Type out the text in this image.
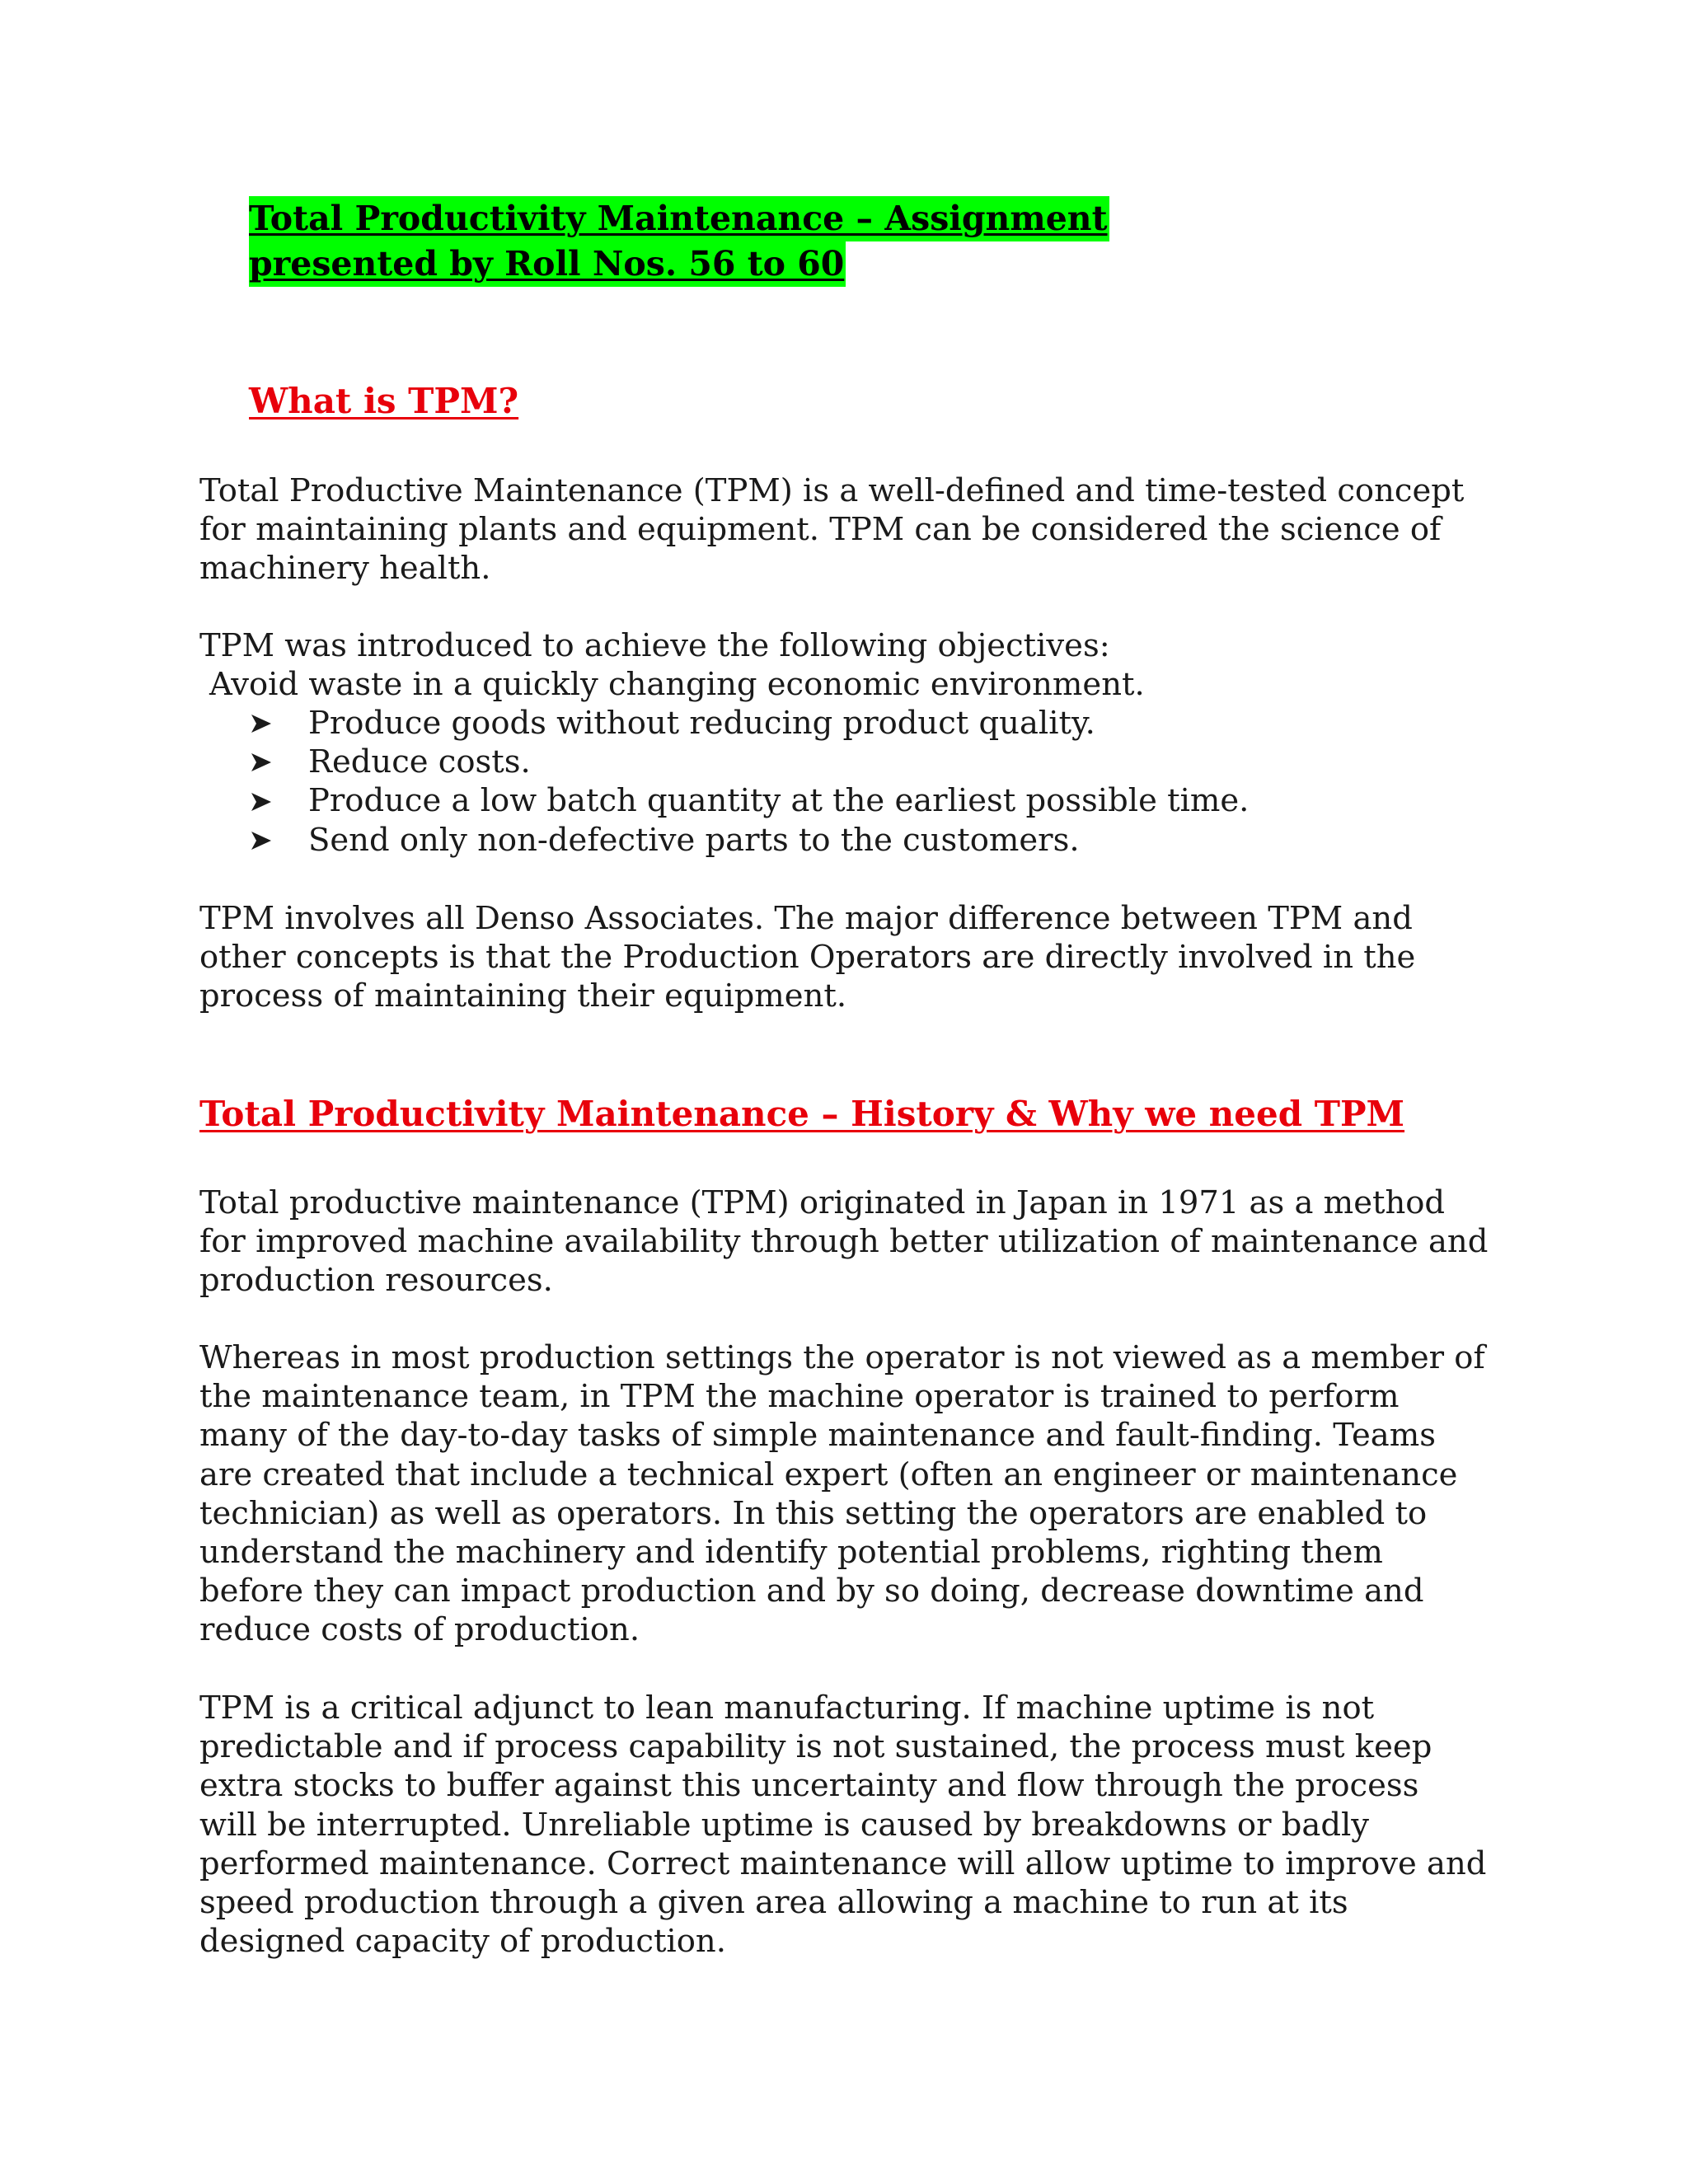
Total Productivity Maintenance – Assignment
presented by Roll Nos. 56 to 60
What is TPM?
Total Productive Maintenance (TPM) is a well-defined and time-tested concept
for maintaining plants and equipment. TPM can be considered the science of
machinery health.
TPM was introduced to achieve the following objectives:
Avoid waste in a quickly changing economic environment.
Produce goods without reducing product quality.
Reduce costs.
Produce a low batch quantity at the earliest possible time.
Send only non-defective parts to the customers.
TPM involves all Denso Associates. The major difference between TPM and
other concepts is that the Production Operators are directly involved in the
process of maintaining their equipment.
Total Productivity Maintenance – History & Why we need TPM
Total productive maintenance (TPM) originated in Japan in 1971 as a method
for improved machine availability through better utilization of maintenance and
production resources.
Whereas in most production settings the operator is not viewed as a member of
the maintenance team, in TPM the machine operator is trained to perform
many of the day-to-day tasks of simple maintenance and fault-finding. Teams
are created that include a technical expert (often an engineer or maintenance
technician) as well as operators. In this setting the operators are enabled to
understand the machinery and identify potential problems, righting them
before they can impact production and by so doing, decrease downtime and
reduce costs of production.
TPM is a critical adjunct to lean manufacturing. If machine uptime is not
predictable and if process capability is not sustained, the process must keep
extra stocks to buffer against this uncertainty and flow through the process
will be interrupted. Unreliable uptime is caused by breakdowns or badly
performed maintenance. Correct maintenance will allow uptime to improve and
speed production through a given area allowing a machine to run at its
designed capacity of production.
